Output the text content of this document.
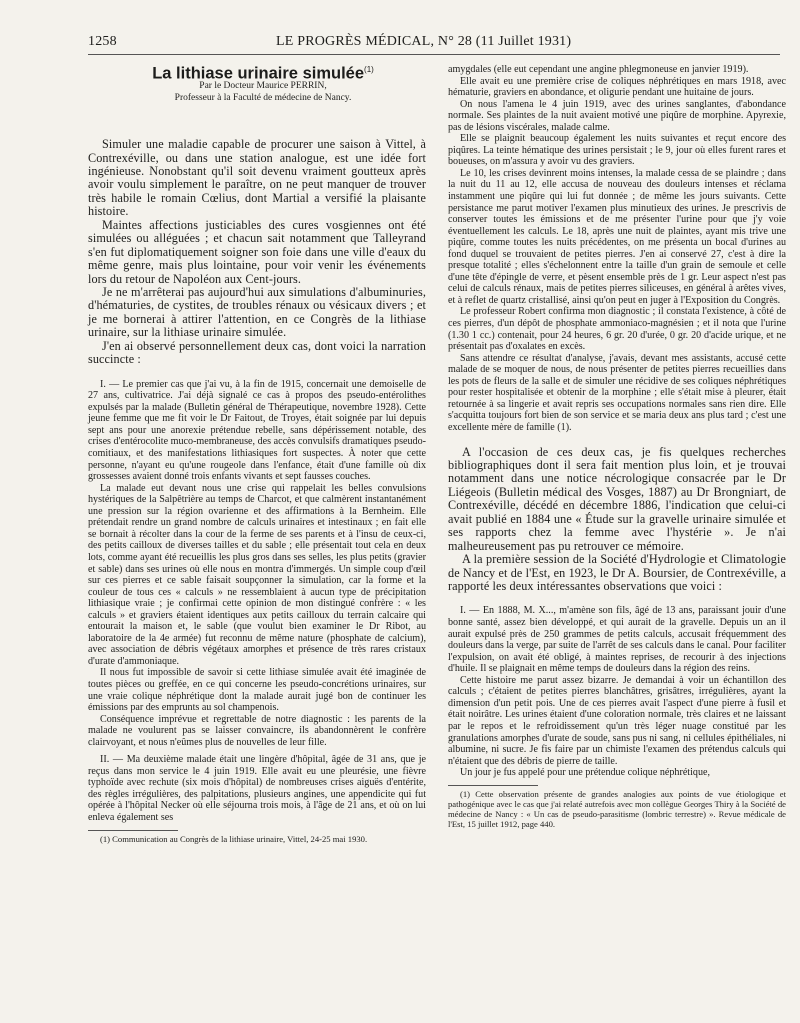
1258	LE PROGRÈS MÉDICAL, N° 28 (11 Juillet 1931)

La lithiase urinaire simulée$^{(1)}$

Par le Docteur Maurice PERRIN,

Professeur à la Faculté de médecine de Nancy.

Simuler une maladie capable de procurer une saison à Vittel, à Contrexéville, ou dans une station analogue, est une idée fort ingénieuse. Nonobstant qu'il soit devenu vraiment goutteux après avoir voulu simplement le paraître, on ne peut manquer de trouver très habile le romain Cœlius, dont Martial a versifié la plaisante histoire.

Maintes affections justiciables des cures vosgiennes ont été simulées ou alléguées ; et chacun sait notamment que Talleyrand s'en fut diplomatiquement soigner son foie dans une ville d'eaux du même genre, mais plus lointaine, pour voir venir les événements lors du retour de Napoléon aux Cent-jours.

Je ne m'arrêterai pas aujourd'hui aux simulations d'albuminuries, d'hématuries, de cystites, de troubles rénaux ou vésicaux divers ; et je me bornerai à attirer l'attention, en ce Congrès de la lithiase urinaire, sur la lithiase urinaire simulée.

J'en ai observé personnellement deux cas, dont voici la narration succincte :

I. — Le premier cas que j'ai vu, à la fin de 1915, concernait une demoiselle de 27 ans, cultivatrice. J'ai déjà signalé ce cas à propos des pseudo-entérolithes expulsés par la malade (Bulletin général de Thérapeutique, novembre 1928). Cette jeune femme que me fit voir le Dr Faitout, de Troyes, était soignée par lui depuis sept ans pour une anorexie prétendue rebelle, sans dépérissement notable, des crises d'entérocolite muco-membraneuse, des accès convulsifs dramatiques pseudo-comitiaux, et des manifestations lithiasiques fort suspectes. À noter que cette personne, n'ayant eu qu'une rougeole dans l'enfance, était d'une famille où dix grossesses avaient donné trois enfants vivants et sept fausses couches.

La malade eut devant nous une crise qui rappelait les belles convulsions hystériques de la Salpêtrière au temps de Charcot, et que calmèrent instantanément une pression sur la région ovarienne et des affirmations à la Bernheim. Elle prétendait rendre un grand nombre de calculs urinaires et intestinaux ; en fait elle se bornait à récolter dans la cour de la ferme de ses parents et à l'insu de ceux-ci, des petits cailloux de diverses tailles et du sable ; elle présentait tout cela en deux lots, comme ayant été recueillis les plus gros dans ses selles, les plus petits (gravier et sable) dans ses urines où elle nous en montra d'immergés. Un simple coup d'œil sur ces pierres et ce sable faisait soupçonner la simulation, car la forme et la couleur de tous ces « calculs » ne ressemblaient à aucun type de précipitation lithiasique vraie ; je confirmai cette opinion de mon distingué confrère : « les calculs » et graviers étaient identiques aux petits cailloux du terrain calcaire qui entourait la maison et, le sable (que voulut bien examiner le Dr Ribot, au laboratoire de la 4e armée) fut reconnu de même nature (phosphate de calcium), avec association de débris végétaux amorphes et présence de très rares cristaux d'urate d'ammoniaque.

Il nous fut impossible de savoir si cette lithiase simulée avait été imaginée de toutes pièces ou greffée, en ce qui concerne les pseudo-concrétions urinaires, sur une vraie colique néphrétique dont la malade aurait jugé bon de continuer les émissions par des emprunts au sol champenois.

Conséquence imprévue et regrettable de notre diagnostic : les parents de la malade ne voulurent pas se laisser convaincre, ils abandonnèrent le confrère clairvoyant, et nous n'eûmes plus de nouvelles de leur fille.

II. — Ma deuxième malade était une lingère d'hôpital, âgée de 31 ans, que je reçus dans mon service le 4 juin 1919. Elle avait eu une pleurésie, une fièvre typhoïde avec rechute (six mois d'hôpital) de nombreuses crises aiguës d'entérite, des règles irrégulières, des palpitations, plusieurs angines, une appendicite qui fut opérée à l'hôpital Necker où elle séjourna trois mois, à l'âge de 21 ans, et où on lui enleva également ses

(1) Communication au Congrès de la lithiase urinaire, Vittel, 24-25 mai 1930.

amygdales (elle eut cependant une angine phlegmoneuse en janvier 1919).

Elle avait eu une première crise de coliques néphrétiques en mars 1918, avec hématurie, graviers en abondance, et oligurie pendant une huitaine de jours.

On nous l'amena le 4 juin 1919, avec des urines sanglantes, d'abondance normale. Ses plaintes de la nuit avaient motivé une piqûre de morphine. Apyrexie, pas de lésions viscérales, malade calme.

Elle se plaignit beaucoup également les nuits suivantes et reçut encore des piqûres. La teinte hématique des urines persistait ; le 9, jour où elles furent rares et boueuses, on m'assura y avoir vu des graviers.

Le 10, les crises devinrent moins intenses, la malade cessa de se plaindre ; dans la nuit du 11 au 12, elle accusa de nouveau des douleurs intenses et réclama instamment une piqûre qui lui fut donnée ; de même les jours suivants. Cette persistance me parut motiver l'examen plus minutieux des urines. Je prescrivis de conserver toutes les émissions et de me présenter l'urine pour que j'y voie éventuellement les calculs. Le 18, après une nuit de plaintes, ayant mis trive une piqûre, comme toutes les nuits précédentes, on me présenta un bocal d'urines au fond duquel se trouvaient de petites pierres. J'en ai conservé 27, c'est à dire la presque totalité ; elles s'échelonnent entre la taille d'un grain de semoule et celle d'une tête d'épingle de verre, et pèsent ensemble près de 1 gr. Leur aspect n'est pas celui de calculs rénaux, mais de petites pierres siliceuses, en général à arêtes vives, et à reflet de quartz cristallisé, ainsi qu'on peut en juger à l'Exposition du Congrès.

Le professeur Robert confirma mon diagnostic ; il constata l'existence, à côté de ces pierres, d'un dépôt de phosphate ammoniaco-magnésien ; et il nota que l'urine (1.30 1 cc.) contenait, pour 24 heures, 6 gr. 20 d'urée, 0 gr. 20 d'acide urique, et ne présentait pas d'oxalates en excès.

Sans attendre ce résultat d'analyse, j'avais, devant mes assistants, accusé cette malade de se moquer de nous, de nous présenter de petites pierres recueillies dans les pots de fleurs de la salle et de simuler une récidive de ses coliques néphrétiques pour rester hospitalisée et obtenir de la morphine ; elle s'était mise à pleurer, était retournée à sa lingerie et avait repris ses occupations normales sans rien dire. Elle s'acquitta toujours fort bien de son service et se maria deux ans plus tard ; c'est une excellente mère de famille (1).

A l'occasion de ces deux cas, je fis quelques recherches bibliographiques dont il sera fait mention plus loin, et je trouvai notamment dans une notice nécrologique consacrée par le Dr Liégeois (Bulletin médical des Vosges, 1887) au Dr Brongniart, de Contrexéville, décédé en décembre 1886, l'indication que celui-ci avait publié en 1884 une « Étude sur la gravelle urinaire simulée et ses rapports chez la femme avec l'hystérie ». Je n'ai malheureusement pas pu retrouver ce mémoire.

A la première session de la Société d'Hydrologie et Climatologie de Nancy et de l'Est, en 1923, le Dr A. Boursier, de Contrexéville, a rapporté les deux intéressantes observations que voici :

I. — En 1888, M. X..., m'amène son fils, âgé de 13 ans, paraissant jouir d'une bonne santé, assez bien développé, et qui aurait de la gravelle. Depuis un an il aurait expulsé près de 250 grammes de petits calculs, accusait fréquemment des douleurs dans la verge, par suite de l'arrêt de ses calculs dans le canal. Pour faciliter l'expulsion, on avait été obligé, à maintes reprises, de recourir à des injections d'huile. Il se plaignait en même temps de douleurs dans la région des reins.

Cette histoire me parut assez bizarre. Je demandai à voir un échantillon des calculs ; c'étaient de petites pierres blanchâtres, grisâtres, irrégulières, ayant la dimension d'un petit pois. Une de ces pierres avait l'aspect d'une pierre à fusil et était noirâtre. Les urines étaient d'une coloration normale, très claires et ne laissant par le repos et le refroidissement qu'un très léger nuage constitué par les granulations amorphes d'urate de soude, sans pus ni sang, ni cellules épithéliales, ni albumine, ni sucre. Je fis faire par un chimiste l'examen des prétendus calculs qui n'étaient que des débris de pierre de taille.

Un jour je fus appelé pour une prétendue colique néphrétique,

(1) Cette observation présente de grandes analogies aux points de vue étiologique et pathogénique avec le cas que j'ai relaté autrefois avec mon collègue Georges Thiry à la Société de médecine de Nancy : « Un cas de pseudo-parasitisme (lombric terrestre) ». Revue médicale de l'Est, 15 juillet 1912, page 440.
